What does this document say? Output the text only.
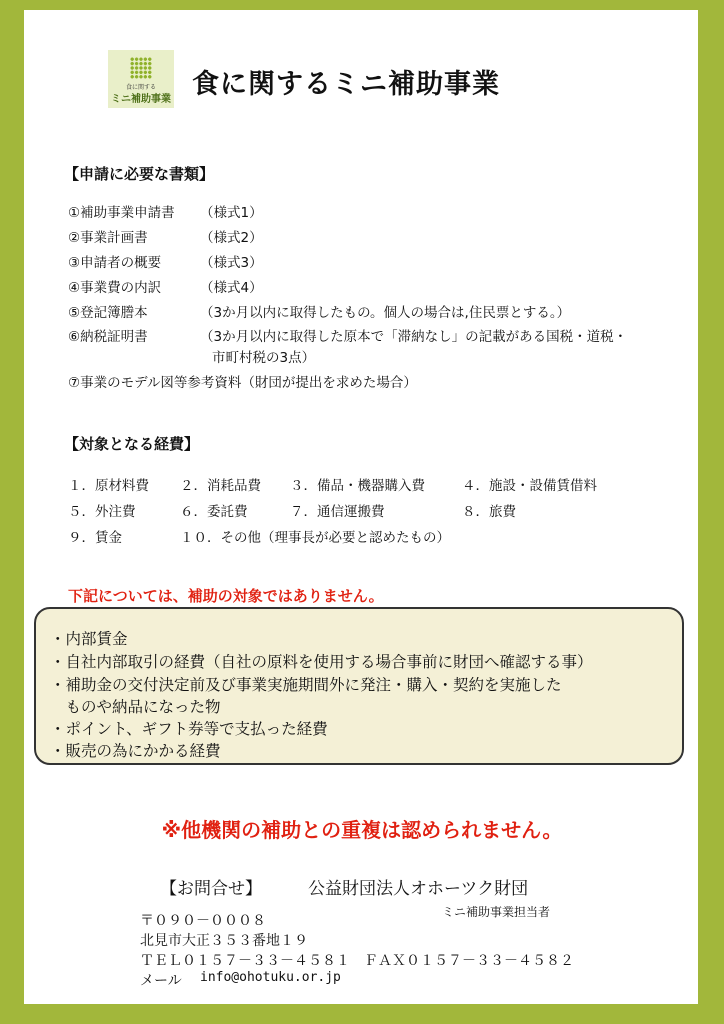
食に関する
ミニ補助事業 食に関するミニ補助事業
【申請に必要な書類】
①補助事業申請書 （様式1）
②事業計画書	（様式2）
③申請者の概要	（様式3）
④事業費の内訳	（様式4）
⑤登記簿謄本	（3か月以内に取得したもの。個人の場合は,住民票とする。）
⑥納税証明書	（3か月以内に取得した原本で「滞納なし」の記載がある国税・道税・
市町村税の3点）
⑦事業のモデル図等参考資料（財団が提出を求めた場合）
【対象となる経費】
１．原材料費 ２．消耗品費 ３．備品・機器購入費	４．施設・設備賃借料
５．外注費	６．委託費	７．通信運搬費	８．旅費
９．賃金	１０．その他（理事長が必要と認めたもの）
下記については、補助の対象ではありません。
・内部賃金
・自社内部取引の経費（自社の原料を使用する場合事前に財団へ確認する事）
・補助金の交付決定前及び事業実施期間外に発注・購入・契約を実施した
　ものや納品になった物
・ポイント、ギフト券等で支払った経費
・販売の為にかかる経費
※他機関の補助との重複は認められません。
【お問合せ】	公益財団法人オホーツク財団
ミニ補助事業担当者
〒０９０－０００８
北見市大正３５３番地１９
ＴＥＬ０１５７－３３－４５８１　ＦＡＸ０１５７－３３－４５８２
メール info@ohotuku.or.jp
